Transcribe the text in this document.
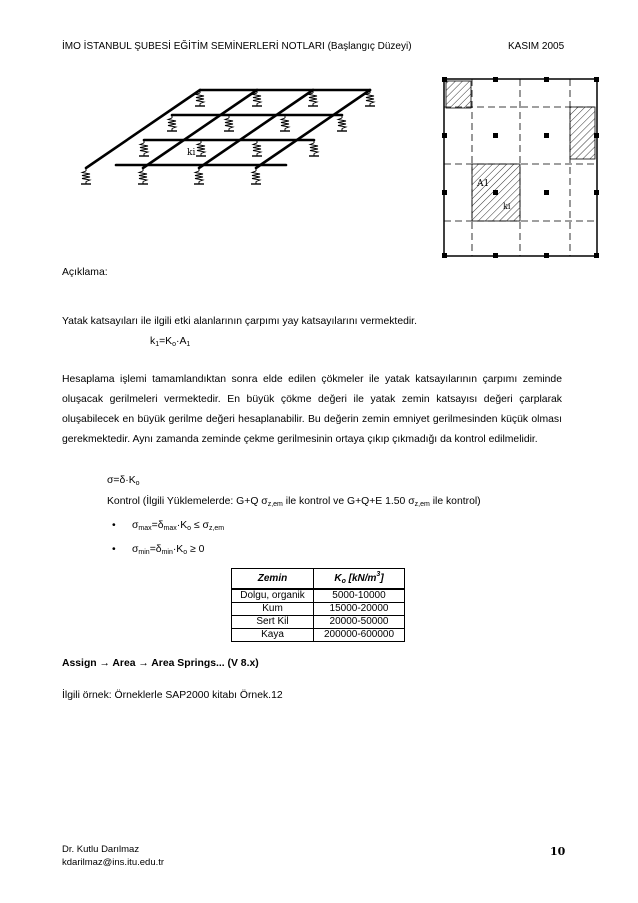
İMO İSTANBUL ŞUBESİ EĞİTİM SEMİNERLERİ NOTLARI (Başlangıç Düzeyi)	KASIM 2005
ki
A1
ki
Açıklama:
Yatak katsayıları ile ilgili etki alanlarının çarpımı yay katsayılarını vermektedir.
$k_1=K_o\cdot A_1$
Hesaplama işlemi tamamlandıktan sonra elde edilen çökmeler ile yatak katsayılarının çarpımı zeminde oluşacak gerilmeleri vermektedir. En büyük çökme değeri ile yatak zemin katsayısı değeri çarplarak oluşabilecek en büyük gerilme değeri hesaplanabilir. Bu değerin zemin emniyet gerilmesinden küçük olması gerekmektedir. Aynı zamanda zeminde çekme gerilmesinin ortaya çıkıp çıkmadığı da kontrol edilmelidir.
$\sigma=\delta\cdot K_o$
Kontrol (İlgili Yüklemelerde: G+Q $\sigma_{z,em}$ ile kontrol ve G+Q+E 1.50 $\sigma_{z,em}$ ile kontrol)
• $\sigma_{max}=\delta_{max}\cdot K_o \le \sigma_{z,em}$
• $\sigma_{min}=\delta_{min}\cdot K_o \ge 0$
Zemin	$K_o$ $[kN/m^3]$
Dolgu, organik	5000-10000
Kum	15000-20000
Sert Kil	20000-50000
Kaya	200000-600000
Assign → Area → Area Springs... (V 8.x)
İlgili örnek: Örneklerle SAP2000 kitabı Örnek.12
Dr. Kutlu Darılmaz
kdarilmaz@ins.itu.edu.tr
10
